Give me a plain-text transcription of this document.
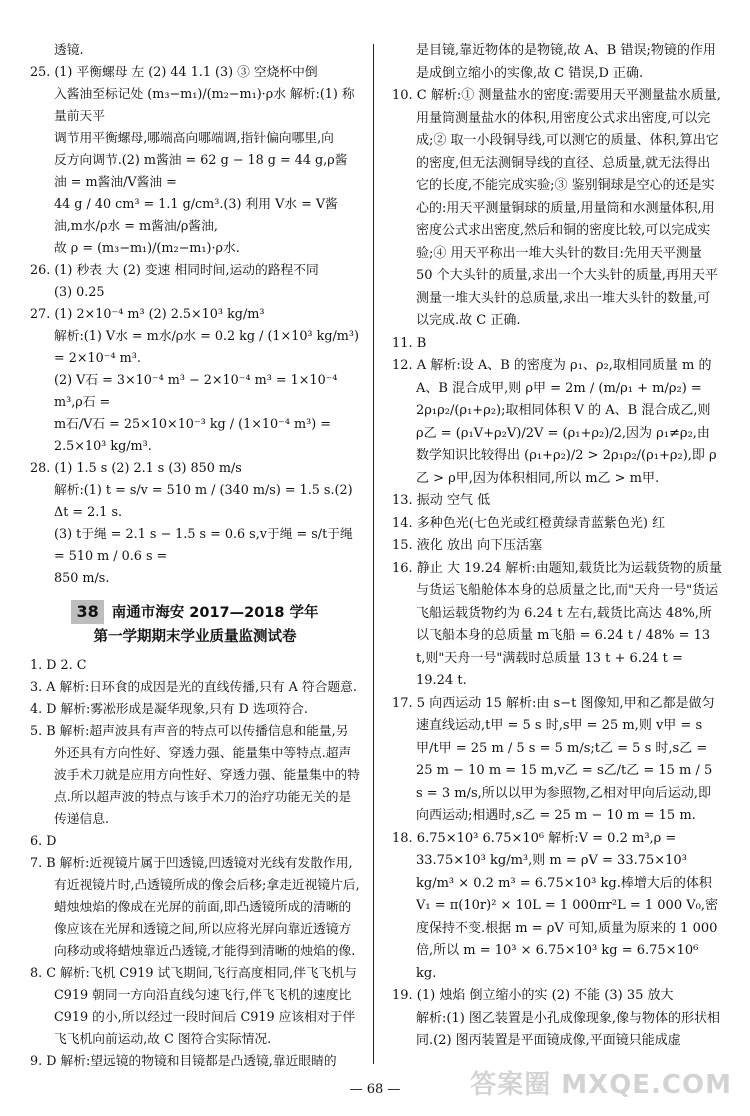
透镜.

25. (1) 平衡螺母 左 (2) 44 1.1 (3) ③ 空烧杯中倒

入酱油至标记处 (m₃−m₁)/(m₂−m₁)·ρ水 解析:(1) 称量前天平

调节用平衡螺母,哪端高向哪端调,指针偏向哪里,向

反方向调节.(2) m酱油 = 62 g − 18 g = 44 g,ρ酱油 = m酱油/V酱油 =

44 g / 40 cm³ = 1.1 g/cm³.(3) 利用 V水 = V酱油,m水/ρ水 = m酱油/ρ酱油,

故 ρ = (m₃−m₁)/(m₂−m₁)·ρ水.

26. (1) 秒表 大 (2) 变速 相同时间,运动的路程不同

(3) 0.25

27. (1) 2×10⁻⁴ m³ (2) 2.5×10³ kg/m³

解析:(1) V水 = m水/ρ水 = 0.2 kg / (1×10³ kg/m³) = 2×10⁻⁴ m³.

(2) V石 = 3×10⁻⁴ m³ − 2×10⁻⁴ m³ = 1×10⁻⁴ m³,ρ石 =

m石/V石 = 25×10×10⁻³ kg / (1×10⁻⁴ m³) = 2.5×10³ kg/m³.

28. (1) 1.5 s (2) 2.1 s (3) 850 m/s

解析:(1) t = s/v = 510 m / (340 m/s) = 1.5 s.(2) Δt = 2.1 s.

(3) t于绳 = 2.1 s − 1.5 s = 0.6 s,v于绳 = s/t于绳 = 510 m / 0.6 s =

850 m/s.

38 南通市海安 2017—2018 学年
第一学期期末学业质量监测试卷

1. D 2. C

3. A 解析:日环食的成因是光的直线传播,只有 A 符合题意.

4. D 解析:雾凇形成是凝华现象,只有 D 选项符合.

5. B 解析:超声波具有声音的特点可以传播信息和能量,另外还具有方向性好、穿透力强、能量集中等特点.超声波手术刀就是应用方向性好、穿透力强、能量集中的特点.所以超声波的特点与该手术刀的治疗功能无关的是传递信息.

6. D

7. B 解析:近视镜片属于凹透镜,凹透镜对光线有发散作用,有近视镜片时,凸透镜所成的像会后移;拿走近视镜片后,蜡烛烛焰的像成在光屏的前面,即凸透镜所成的清晰的像应该在光屏和透镜之间,所以应将光屏向靠近透镜方向移动或将蜡烛靠近凸透镜,才能得到清晰的烛焰的像.

8. C 解析:飞机 C919 试飞期间,飞行高度相同,伴飞飞机与 C919 朝同一方向沿直线匀速飞行,伴飞飞机的速度比 C919 的小,所以经过一段时间后 C919 应该相对于伴飞飞机向前运动,故 C 图符合实际情况.

9. D 解析:望远镜的物镜和目镜都是凸透镜,靠近眼睛的

是目镜,靠近物体的是物镜,故 A、B 错误;物镜的作用是成倒立缩小的实像,故 C 错误,D 正确.

10. C 解析:① 测量盐水的密度:需要用天平测量盐水质量,用量筒测量盐水的体积,用密度公式求出密度,可以完成;② 取一小段铜导线,可以测它的质量、体积,算出它的密度,但无法测铜导线的直径、总质量,就无法得出它的长度,不能完成实验;③ 鉴别铜球是空心的还是实心的:用天平测量铜球的质量,用量筒和水测量体积,用密度公式求出密度,然后和铜的密度比较,可以完成实验;④ 用天平称出一堆大头针的数目:先用天平测量 50 个大头针的质量,求出一个大头针的质量,再用天平测量一堆大头针的总质量,求出一堆大头针的数量,可以完成.故 C 正确.

11. B

12. A 解析:设 A、B 的密度为 ρ₁、ρ₂,取相同质量 m 的 A、B 混合成甲,则 ρ甲 = 2m / (m/ρ₁ + m/ρ₂) = 2ρ₁ρ₂/(ρ₁+ρ₂);取相同体积 V 的 A、B 混合成乙,则 ρ乙 = (ρ₁V+ρ₂V)/2V = (ρ₁+ρ₂)/2,因为 ρ₁≠ρ₂,由数学知识比较得出 (ρ₁+ρ₂)/2 > 2ρ₁ρ₂/(ρ₁+ρ₂),即 ρ乙 > ρ甲,因为体积相同,所以 m乙 > m甲.

13. 振动 空气 低

14. 多种色光(七色光或红橙黄绿青蓝紫色光) 红

15. 液化 放出 向下压活塞

16. 静止 大 19.24 解析:由题知,载货比为运载货物的质量与货运飞船舱体本身的总质量之比,而"天舟一号"货运飞船运载货物约为 6.24 t 左右,载货比高达 48%,所以飞船本身的总质量 m飞船 = 6.24 t / 48% = 13 t,则"天舟一号"满载时总质量 13 t + 6.24 t = 19.24 t.

17. 5 向西运动 15 解析:由 s−t 图像知,甲和乙都是做匀速直线运动,t甲 = 5 s 时,s甲 = 25 m,则 v甲 = s甲/t甲 = 25 m / 5 s = 5 m/s;t乙 = 5 s 时,s乙 = 25 m − 10 m = 15 m,v乙 = s乙/t乙 = 15 m / 5 s = 3 m/s,所以以甲为参照物,乙相对甲向后运动,即向西运动;相遇时,s乙 = 25 m − 10 m = 15 m.

18. 6.75×10³ 6.75×10⁶ 解析:V = 0.2 m³,ρ = 33.75×10³ kg/m³,则 m = ρV = 33.75×10³ kg/m³ × 0.2 m³ = 6.75×10³ kg.棒增大后的体积 V₁ = π(10r)² × 10L = 1 000πr²L = 1 000 V₀,密度保持不变.根据 m = ρV 可知,质量为原来的 1 000 倍,所以 m = 10³ × 6.75×10³ kg = 6.75×10⁶ kg.

19. (1) 烛焰 倒立缩小的实 (2) 不能 (3) 35 放大

解析:(1) 图乙装置是小孔成像现象,像与物体的形状相同.(2) 图丙装置是平面镜成像,平面镜只能成虚

— 68 —	答案圈 MXQE.COM
